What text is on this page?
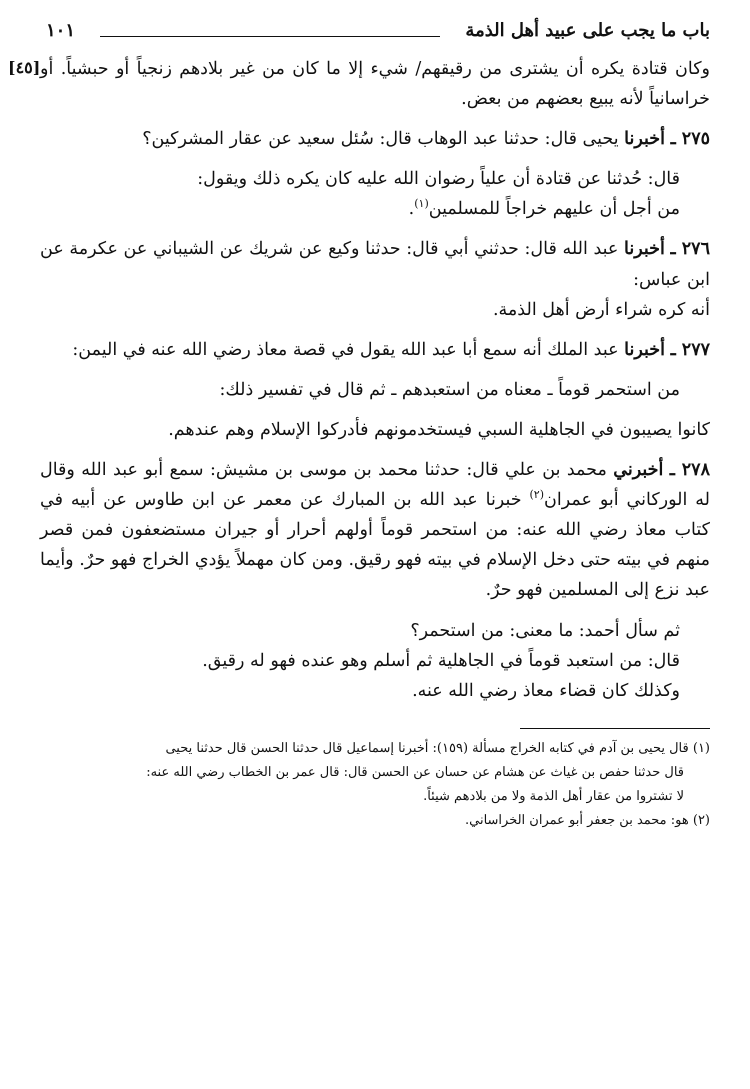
باب ما يجب على عبيد أهل الذمة
١٠١

[٤٥] وكان قتادة يكره أن يشترى من رقيقهم/ شيء إلا ما كان من غير بلادهم زنجياً أو حبشياً. أو خراسانياً لأنه يبيع بعضهم من بعض.

٢٧٥ ـ أخبرنا يحيى قال: حدثنا عبد الوهاب قال: سُئل سعيد عن عقار المشركين؟

قال: حُدثنا عن قتادة أن علياً رضوان الله عليه كان يكره ذلك ويقول:

من أجل أن عليهم خراجاً للمسلمين$^{(١)}$.

٢٧٦ ـ أخبرنا عبد الله قال: حدثني أبي قال: حدثنا وكيع عن شريك عن الشيباني عن عكرمة عن ابن عباس:

أنه كره شراء أرض أهل الذمة.

٢٧٧ ـ أخبرنا عبد الملك أنه سمع أبا عبد الله يقول في قصة معاذ رضي الله عنه في اليمن:

من استحمر قوماً ـ معناه من استعبدهم ـ ثم قال في تفسير ذلك:

كانوا يصيبون في الجاهلية السبي فيستخدمونهم فأدركوا الإسلام وهم عندهم.

٢٧٨ ـ أخبرني محمد بن علي قال: حدثنا محمد بن موسى بن مشيش: سمع أبو عبد الله وقال له الوركاني أبو عمران$^{(٢)}$ خبرنا عبد الله بن المبارك عن معمر عن ابن طاوس عن أبيه في كتاب معاذ رضي الله عنه: من استحمر قوماً أولهم أحرار أو جيران مستضعفون فمن قصر منهم في بيته حتى دخل الإسلام في بيته فهو رقيق. ومن كان مهملاً يؤدي الخراج فهو حرٌ. وأيما عبد نزع إلى المسلمين فهو حرٌ.

ثم سأل أحمد: ما معنى: من استحمر؟

قال: من استعبد قوماً في الجاهلية ثم أسلم وهو عنده فهو له رقيق.

وكذلك كان قضاء معاذ رضي الله عنه.

(١) قال يحيى بن آدم في كتابه الخراج مسألة (١٥٩): أخبرنا إسماعيل قال حدثنا الحسن قال حدثنا يحيى

قال حدثنا حفص بن غياث عن هشام عن حسان عن الحسن قال: قال عمر بن الخطاب رضي الله عنه:

لا تشتروا من عقار أهل الذمة ولا من بلادهم شيئاً.

(٢) هو: محمد بن جعفر أبو عمران الخراساني.
